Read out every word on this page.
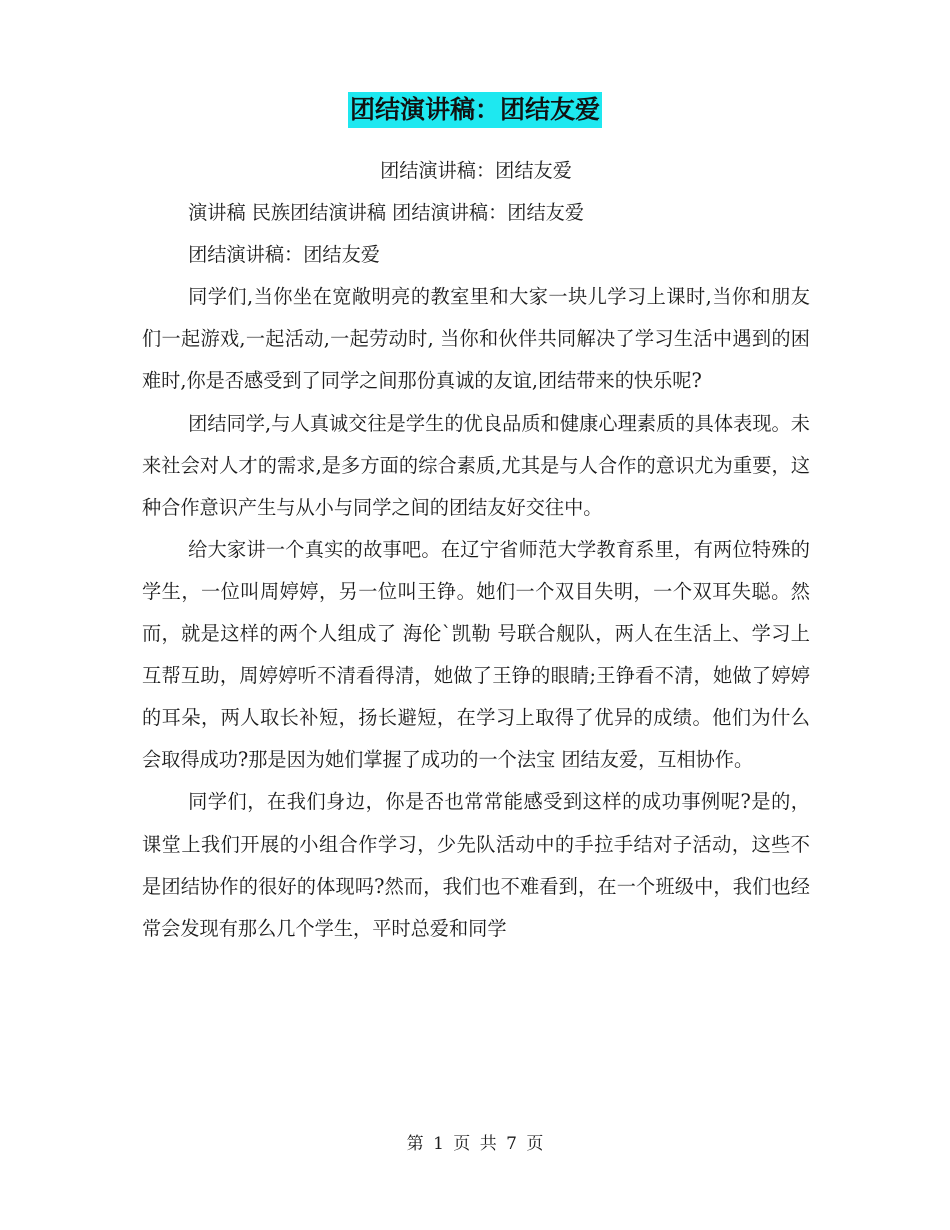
团结演讲稿：团结友爱

团结演讲稿：团结友爱

演讲稿 民族团结演讲稿 团结演讲稿：团结友爱

团结演讲稿：团结友爱

同学们,当你坐在宽敞明亮的教室里和大家一块儿学习上课时,当你和朋友们一起游戏,一起活动,一起劳动时, 当你和伙伴共同解决了学习生活中遇到的困难时,你是否感受到了同学之间那份真诚的友谊,团结带来的快乐呢?

团结同学,与人真诚交往是学生的优良品质和健康心理素质的具体表现。未来社会对人才的需求,是多方面的综合素质,尤其是与人合作的意识尤为重要，这种合作意识产生与从小与同学之间的团结友好交往中。

给大家讲一个真实的故事吧。在辽宁省师范大学教育系里，有两位特殊的学生，一位叫周婷婷，另一位叫王铮。她们一个双目失明，一个双耳失聪。然而，就是这样的两个人组成了 海伦`凯勒 号联合舰队，两人在生活上、学习上互帮互助，周婷婷听不清看得清，她做了王铮的眼睛;王铮看不清，她做了婷婷的耳朵，两人取长补短，扬长避短，在学习上取得了优异的成绩。他们为什么会取得成功?那是因为她们掌握了成功的一个法宝 团结友爱，互相协作。

同学们，在我们身边，你是否也常常能感受到这样的成功事例呢?是的，课堂上我们开展的小组合作学习，少先队活动中的手拉手结对子活动，这些不是团结协作的很好的体现吗?然而，我们也不难看到，在一个班级中，我们也经常会发现有那么几个学生，平时总爱和同学

第 1 页 共 7 页
